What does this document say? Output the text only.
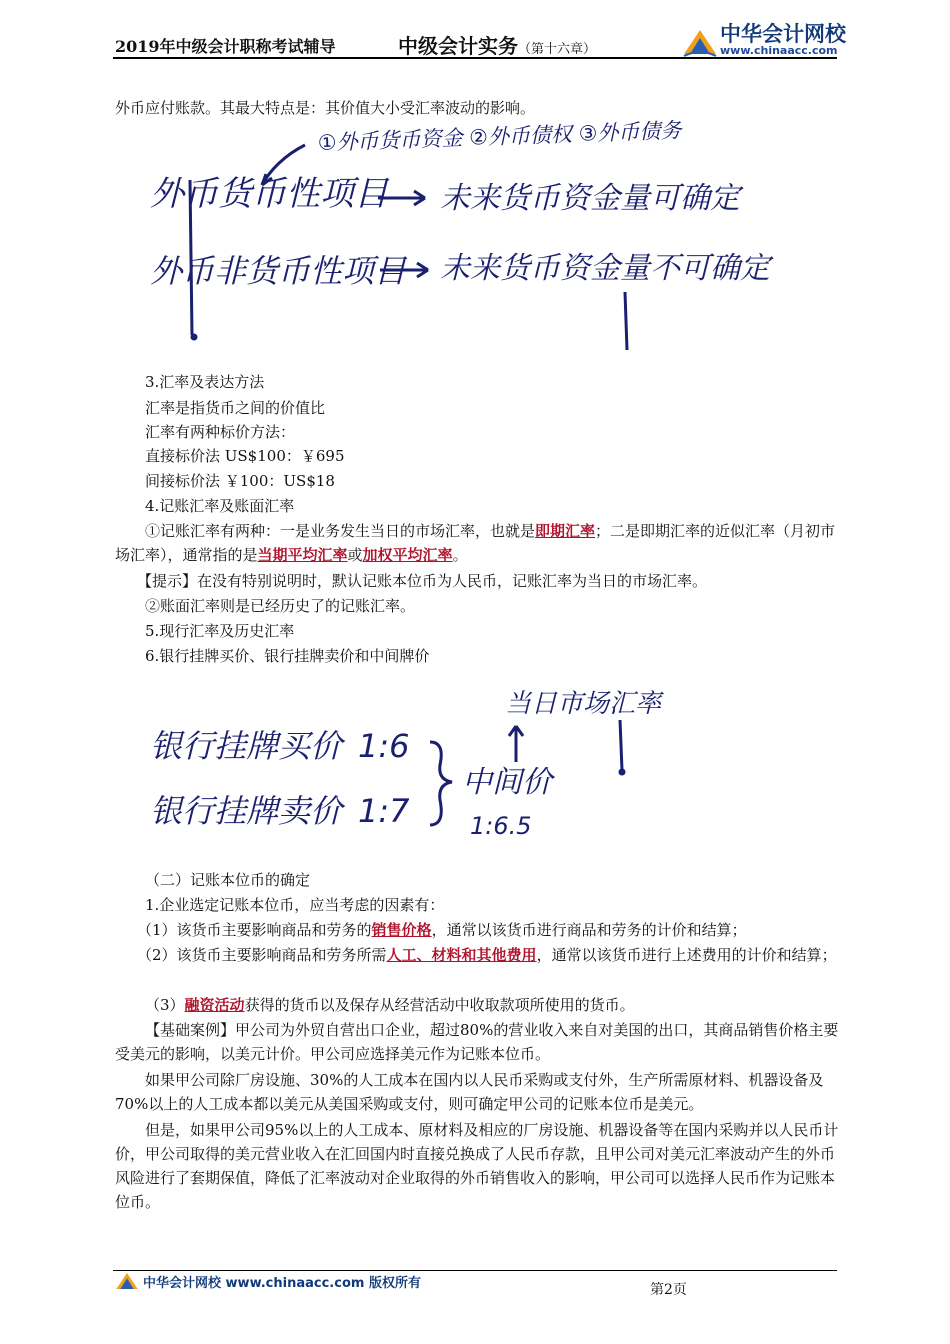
2019年中级会计职称考试辅导	中级会计实务（第十六章）
中华会计网校
www.chinaacc.com
外币应付账款。其最大特点是：其价值大小受汇率波动的影响。
①外币货币资金 ②外币债权 ③外币债务
外币货币性项目 未来货币资金量可确定
外币非货币性项目 未来货币资金量不可确定
3.汇率及表达方法
汇率是指货币之间的价值比
汇率有两种标价方法：
直接标价法 US$100：￥695
间接标价法 ￥100：US$18
4.记账汇率及账面汇率
①记账汇率有两种：一是业务发生当日的市场汇率，也就是即期汇率；二是即期汇率的近似汇率（月初市场汇率），通常指的是当期平均汇率或加权平均汇率。
【提示】在没有特别说明时，默认记账本位币为人民币，记账汇率为当日的市场汇率。
②账面汇率则是已经历史了的记账汇率。
5.现行汇率及历史汇率
6.银行挂牌买价、银行挂牌卖价和中间牌价
当日市场汇率
银行挂牌买价 1:6
银行挂牌卖价 1:7
中间价
1:6.5
（二）记账本位币的确定
1.企业选定记账本位币，应当考虑的因素有：
（1）该货币主要影响商品和劳务的销售价格，通常以该货币进行商品和劳务的计价和结算；
（2）该货币主要影响商品和劳务所需人工、材料和其他费用，通常以该货币进行上述费用的计价和结算；
（3）融资活动获得的货币以及保存从经营活动中收取款项所使用的货币。
【基础案例】甲公司为外贸自营出口企业，超过80%的营业收入来自对美国的出口，其商品销售价格主要受美元的影响，以美元计价。甲公司应选择美元作为记账本位币。
如果甲公司除厂房设施、30%的人工成本在国内以人民币采购或支付外，生产所需原材料、机器设备及70%以上的人工成本都以美元从美国采购或支付，则可确定甲公司的记账本位币是美元。
但是，如果甲公司95%以上的人工成本、原材料及相应的厂房设施、机器设备等在国内采购并以人民币计价，甲公司取得的美元营业收入在汇回国内时直接兑换成了人民币存款，且甲公司对美元汇率波动产生的外币风险进行了套期保值，降低了汇率波动对企业取得的外币销售收入的影响，甲公司可以选择人民币作为记账本位币。
中华会计网校 www.chinaacc.com 版权所有	第2页
